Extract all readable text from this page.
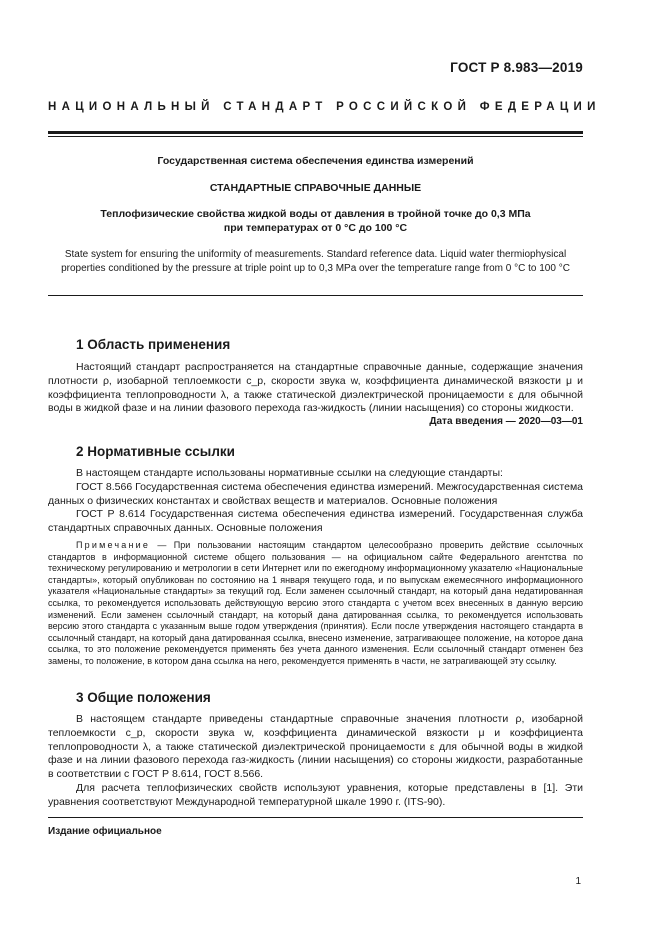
ГОСТ Р 8.983—2019
НАЦИОНАЛЬНЫЙ СТАНДАРТ РОССИЙСКОЙ ФЕДЕРАЦИИ
Государственная система обеспечения единства измерений
СТАНДАРТНЫЕ СПРАВОЧНЫЕ ДАННЫЕ
Теплофизические свойства жидкой воды от давления в тройной точке до 0,3 МПа
при температурах от 0 °С до 100 °С
State system for ensuring the uniformity of measurements. Standard reference data. Liquid water thermiophysical
properties conditioned by the pressure at triple point up to 0,3 MPa over the temperature range from 0 °C to 100 °C
Дата введения — 2020—03—01
1 Область применения

Настоящий стандарт распространяется на стандартные справочные данные, содержащие значения плотности ρ, изобарной теплоемкости c_p, скорости звука w, коэффициента динамической вязкости μ и коэффициента теплопроводности λ, а также статической диэлектрической проницаемости ε для обычной воды в жидкой фазе и на линии фазового перехода газ-жидкость (линии насыщения) со стороны жидкости.

2 Нормативные ссылки

В настоящем стандарте использованы нормативные ссылки на следующие стандарты:

ГОСТ 8.566 Государственная система обеспечения единства измерений. Межгосударственная система данных о физических константах и свойствах веществ и материалов. Основные положения

ГОСТ Р 8.614 Государственная система обеспечения единства измерений. Государственная служба стандартных справочных данных. Основные положения

Примечание — При пользовании настоящим стандартом целесообразно проверить действие ссылочных стандартов в информационной системе общего пользования — на официальном сайте Федерального агентства по техническому регулированию и метрологии в сети Интернет или по ежегодному информационному указателю «Национальные стандарты», который опубликован по состоянию на 1 января текущего года, и по выпускам ежемесячного информационного указателя «Национальные стандарты» за текущий год. Если заменен ссылочный стандарт, на который дана недатированная ссылка, то рекомендуется использовать действующую версию этого стандарта с учетом всех внесенных в данную версию изменений. Если заменен ссылочный стандарт, на который дана датированная ссылка, то рекомендуется использовать версию этого стандарта с указанным выше годом утверждения (принятия). Если после утверждения настоящего стандарта в ссылочный стандарт, на который дана датированная ссылка, внесено изменение, затрагивающее положение, на которое дана ссылка, то это положение рекомендуется применять без учета данного изменения. Если ссылочный стандарт отменен без замены, то положение, в котором дана ссылка на него, рекомендуется применять в части, не затрагивающей эту ссылку.

3 Общие положения

В настоящем стандарте приведены стандартные справочные значения плотности ρ, изобарной теплоемкости c_p, скорости звука w, коэффициента динамической вязкости μ и коэффициента теплопроводности λ, а также статической диэлектрической проницаемости ε для обычной воды в жидкой фазе и на линии фазового перехода газ-жидкость (линии насыщения) со стороны жидкости, разработанные в соответствии с ГОСТ Р 8.614, ГОСТ 8.566.

Для расчета теплофизических свойств используют уравнения, которые представлены в [1]. Эти уравнения соответствуют Международной температурной шкале 1990 г. (ITS-90).

Издание официальное
1
